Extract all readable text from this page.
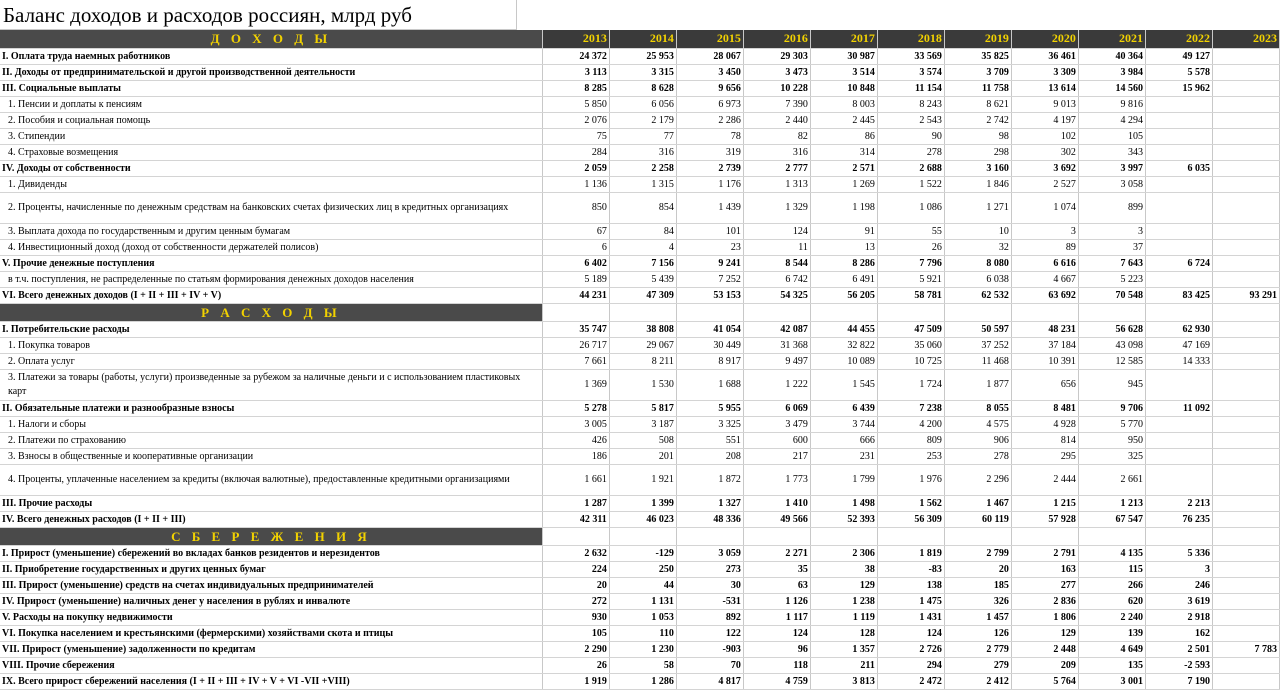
Баланс доходов и расходов россиян, млрд руб
Д О Х О Д Ы	2013	2014	2015	2016	2017	2018	2019	2020	2021	2022	2023
I. Оплата труда наемных работников	24 372	25 953	28 067	29 303	30 987	33 569	35 825	36 461	40 364	49 127	
II. Доходы от предпринимательской и другой производственной деятельности	3 113	3 315	3 450	3 473	3 514	3 574	3 709	3 309	3 984	5 578	
III. Социальные выплаты	8 285	8 628	9 656	10 228	10 848	11 154	11 758	13 614	14 560	15 962	
1. Пенсии и доплаты к пенсиям	5 850	6 056	6 973	7 390	8 003	8 243	8 621	9 013	9 816		
2. Пособия и социальная помощь	2 076	2 179	2 286	2 440	2 445	2 543	2 742	4 197	4 294		
3. Стипендии	75	77	78	82	86	90	98	102	105		
4. Страховые возмещения	284	316	319	316	314	278	298	302	343		
IV. Доходы от собственности	2 059	2 258	2 739	2 777	2 571	2 688	3 160	3 692	3 997	6 035	
1. Дивиденды	1 136	1 315	1 176	1 313	1 269	1 522	1 846	2 527	3 058		
2. Проценты, начисленные по денежным средствам на банковских счетах физических лиц в кредитных организациях	850	854	1 439	1 329	1 198	1 086	1 271	1 074	899		
3. Выплата дохода по государственным и другим ценным бумагам	67	84	101	124	91	55	10	3	3		
4. Инвестиционный доход (доход от собственности держателей полисов)	6	4	23	11	13	26	32	89	37		
V. Прочие денежные поступления	6 402	7 156	9 241	8 544	8 286	7 796	8 080	6 616	7 643	6 724	
в т.ч. поступления, не распределенные по статьям формирования денежных доходов населения	5 189	5 439	7 252	6 742	6 491	5 921	6 038	4 667	5 223		
VI. Всего денежных доходов (I + II + III + IV + V)	44 231	47 309	53 153	54 325	56 205	58 781	62 532	63 692	70 548	83 425	93 291
Р А С Х О Д Ы											
I. Потребительские расходы	35 747	38 808	41 054	42 087	44 455	47 509	50 597	48 231	56 628	62 930	
1. Покупка товаров	26 717	29 067	30 449	31 368	32 822	35 060	37 252	37 184	43 098	47 169	
2. Оплата услуг	7 661	8 211	8 917	9 497	10 089	10 725	11 468	10 391	12 585	14 333	
3. Платежи за товары (работы, услуги) произведенные за рубежом за наличные деньги и с использованием пластиковых карт	1 369	1 530	1 688	1 222	1 545	1 724	1 877	656	945		
II. Обязательные платежи и разнообразные взносы	5 278	5 817	5 955	6 069	6 439	7 238	8 055	8 481	9 706	11 092	
1. Налоги и сборы	3 005	3 187	3 325	3 479	3 744	4 200	4 575	4 928	5 770		
2. Платежи по страхованию	426	508	551	600	666	809	906	814	950		
3. Взносы в общественные и кооперативные организации	186	201	208	217	231	253	278	295	325		
4. Проценты, уплаченные населением за кредиты (включая валютные), предоставленные кредитными организациями	1 661	1 921	1 872	1 773	1 799	1 976	2 296	2 444	2 661		
III. Прочие расходы	1 287	1 399	1 327	1 410	1 498	1 562	1 467	1 215	1 213	2 213	
IV. Всего денежных расходов (I + II + III)	42 311	46 023	48 336	49 566	52 393	56 309	60 119	57 928	67 547	76 235	
С Б Е Р Е Ж Е Н И Я											
I. Прирост (уменьшение) сбережений во вкладах банков резидентов и нерезидентов	2 632	-129	3 059	2 271	2 306	1 819	2 799	2 791	4 135	5 336	
II. Приобретение государственных и других ценных бумаг	224	250	273	35	38	-83	20	163	115	3	
III. Прирост (уменьшение) средств на счетах индивидуальных предпринимателей	20	44	30	63	129	138	185	277	266	246	
IV. Прирост (уменьшение) наличных денег у населения в рублях и инвалюте	272	1 131	-531	1 126	1 238	1 475	326	2 836	620	3 619	
V. Расходы на покупку недвижимости	930	1 053	892	1 117	1 119	1 431	1 457	1 806	2 240	2 918	
VI. Покупка населением и крестьянскими (фермерскими) хозяйствами скота и птицы	105	110	122	124	128	124	126	129	139	162	
VII. Прирост (уменьшение) задолженности по кредитам	2 290	1 230	-903	96	1 357	2 726	2 779	2 448	4 649	2 501	7 783
VIII. Прочие сбережения	26	58	70	118	211	294	279	209	135	-2 593	
IX. Всего прирост сбережений населения (I + II + III + IV + V + VI -VII +VIII)	1 919	1 286	4 817	4 759	3 813	2 472	2 412	5 764	3 001	7 190	
